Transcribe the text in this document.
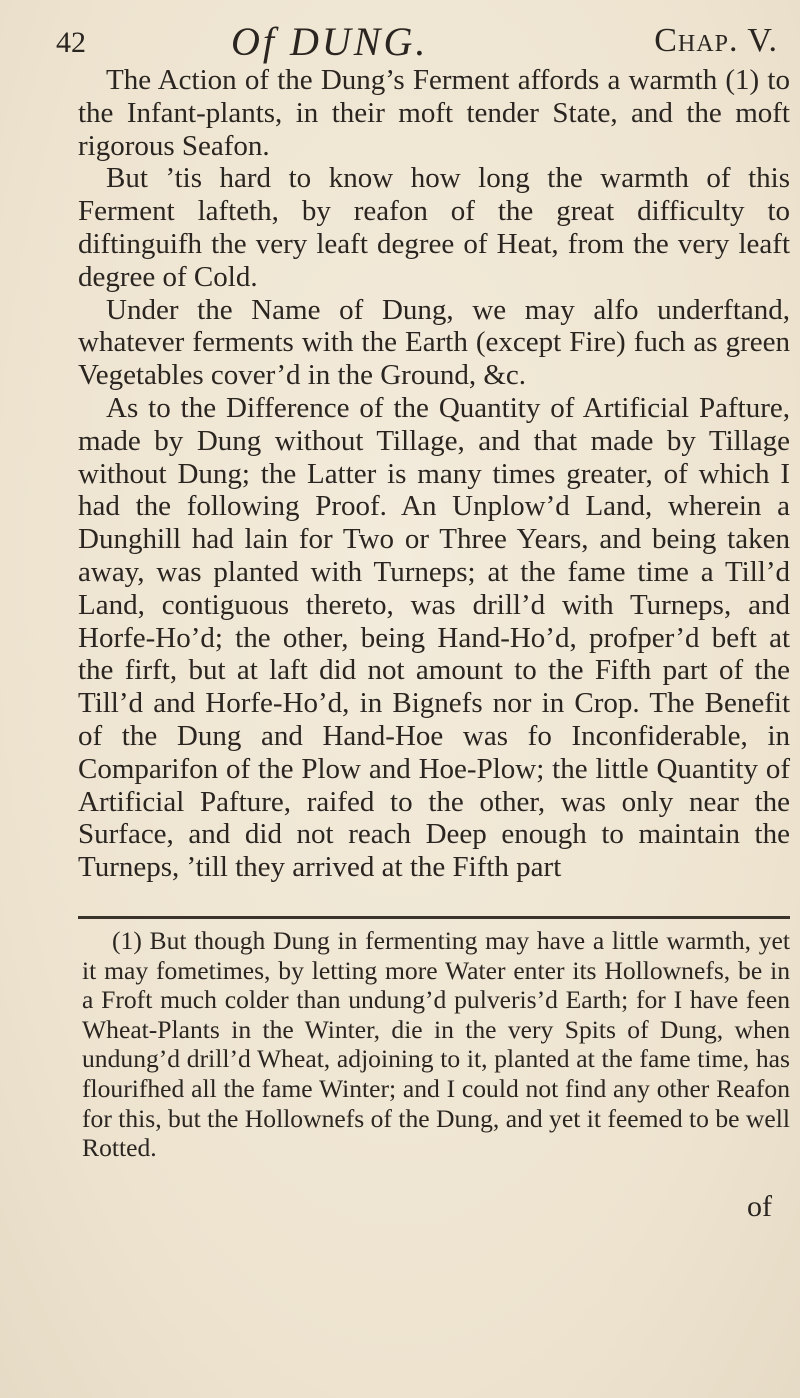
42	Of DUNG.	Chap. V.

The Action of the Dung’s Ferment affords a warmth (1) to the Infant-plants, in their moft tender State, and the moft rigorous Seafon.

But ’tis hard to know how long the warmth of this Ferment lafteth, by reafon of the great difficulty to diftinguifh the very leaft degree of Heat, from the very leaft degree of Cold.

Under the Name of Dung, we may alfo underftand, whatever ferments with the Earth (except Fire) fuch as green Vegetables cover’d in the Ground, &c.

As to the Difference of the Quantity of Artificial Pafture, made by Dung without Tillage, and that made by Tillage without Dung; the Latter is many times greater, of which I had the following Proof. An Unplow’d Land, wherein a Dunghill had lain for Two or Three Years, and being taken away, was planted with Turneps; at the fame time a Till’d Land, contiguous thereto, was drill’d with Turneps, and Horfe-Ho’d; the other, being Hand-Ho’d, profper’d beft at the firft, but at laft did not amount to the Fifth part of the Till’d and Horfe-Ho’d, in Bignefs nor in Crop. The Benefit of the Dung and Hand-Hoe was fo Inconfiderable, in Comparifon of the Plow and Hoe-Plow; the little Quantity of Artificial Pafture, raifed to the other, was only near the Surface, and did not reach Deep enough to maintain the Turneps, ’till they arrived at the Fifth part

(1) But though Dung in fermenting may have a little warmth, yet it may fometimes, by letting more Water enter its Hollownefs, be in a Froft much colder than undung’d pulveris’d Earth; for I have feen Wheat-Plants in the Winter, die in the very Spits of Dung, when undung’d drill’d Wheat, adjoining to it, planted at the fame time, has flourifhed all the fame Winter; and I could not find any other Reafon for this, but the Hollownefs of the Dung, and yet it feemed to be well Rotted.

of
